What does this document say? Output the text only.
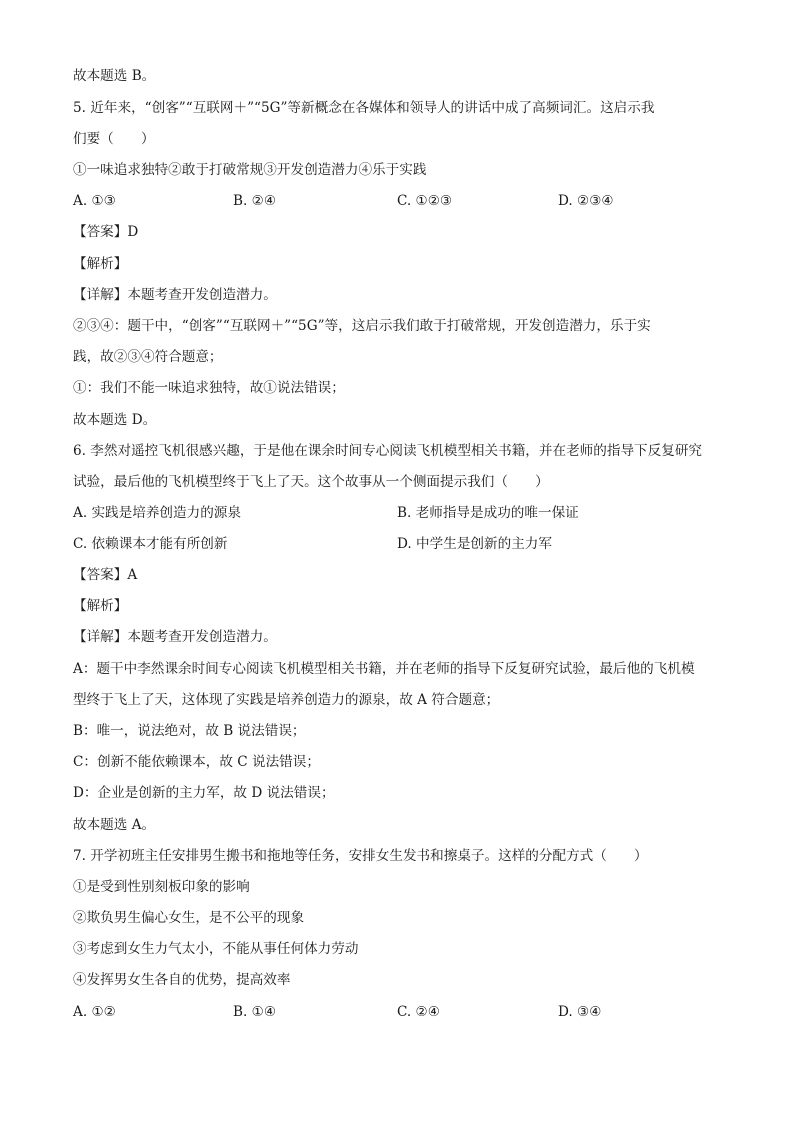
故本题选 B。
5. 近年来，“创客”“互联网＋”“5G”等新概念在各媒体和领导人的讲话中成了高频词汇。这启示我
们要（　　）
①一味追求独特②敢于打破常规③开发创造潜力④乐于实践
A. ①③	B. ②④	C. ①②③	D. ②③④
【答案】D
【解析】
【详解】本题考查开发创造潜力。
②③④：题干中，“创客”“互联网＋”“5G”等，这启示我们敢于打破常规，开发创造潜力，乐于实
践，故②③④符合题意；
①：我们不能一味追求独特，故①说法错误；
故本题选 D。
6. 李然对遥控飞机很感兴趣，于是他在课余时间专心阅读飞机模型相关书籍，并在老师的指导下反复研究
试验，最后他的飞机模型终于飞上了天。这个故事从一个侧面提示我们（　　）
A. 实践是培养创造力的源泉	B. 老师指导是成功的唯一保证
C. 依赖课本才能有所创新	D. 中学生是创新的主力军
【答案】A
【解析】
【详解】本题考查开发创造潜力。
A：题干中李然课余时间专心阅读飞机模型相关书籍，并在老师的指导下反复研究试验，最后他的飞机模
型终于飞上了天，这体现了实践是培养创造力的源泉，故 A 符合题意；
B：唯一，说法绝对，故 B 说法错误；
C：创新不能依赖课本，故 C 说法错误；
D：企业是创新的主力军，故 D 说法错误；
故本题选 A。
7. 开学初班主任安排男生搬书和拖地等任务，安排女生发书和擦桌子。这样的分配方式（　　）
①是受到性别刻板印象的影响
②欺负男生偏心女生，是不公平的现象
③考虑到女生力气太小，不能从事任何体力劳动
④发挥男女生各自的优势，提高效率
A. ①②	B. ①④	C. ②④	D. ③④
